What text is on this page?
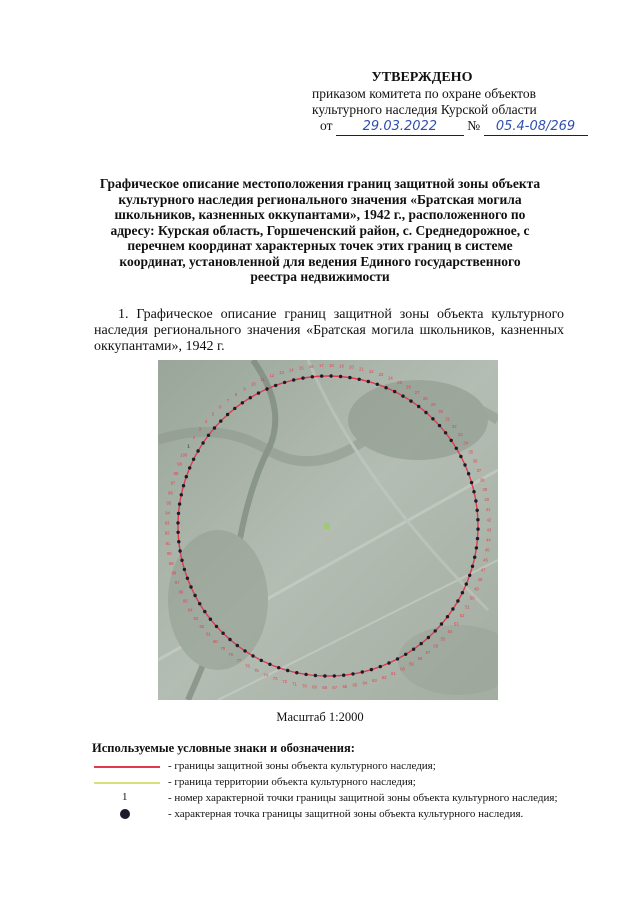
УТВЕРЖДЕНО
приказом комитета по охране объектов
культурного наследия Курской области
от 29.03.2022 № 05.4-08/269
Графическое описание местоположения границ защитной зоны объекта культурного наследия регионального значения «Братская могила школьников, казненных оккупантами», 1942 г., расположенного по адресу: Курская область, Горшеченский район, с. Среднедорожное, с перечнем координат характерных точек этих границ в системе координат, установленной для ведения Единого государственного реестра недвижимости
1. Графическое описание границ защитной зоны объекта культурного наследия регионального значения «Братская могила школьников, казненных оккупантами», 1942 г.
1
2
3
4
5
6
7
8
9
10
11
12
13
14 15 16 17 18 19 20 21 22
23
24
25
26
27
28
29
30
31
32
33
34
35
36
37
38
39
40
41
42
43
44
45
46
47
48
49
50
51
52
53
54
55
56
57
58
59
60
61
62
63
64
65
66
67
68
69
70
71
72
73
74
75
76
77
78
79
80
81
82
83
84
85
86
87
88
89
90
91
92
93
94
95
96
97
98
99
100
Масштаб 1:2000
Используемые условные знаки и обозначения:
- границы защитной зоны объекта культурного наследия;
- граница территории объекта культурного наследия;
1	- номер характерной точки границы защитной зоны объекта культурного наследия;
- характерная точка границы защитной зоны объекта культурного наследия.
